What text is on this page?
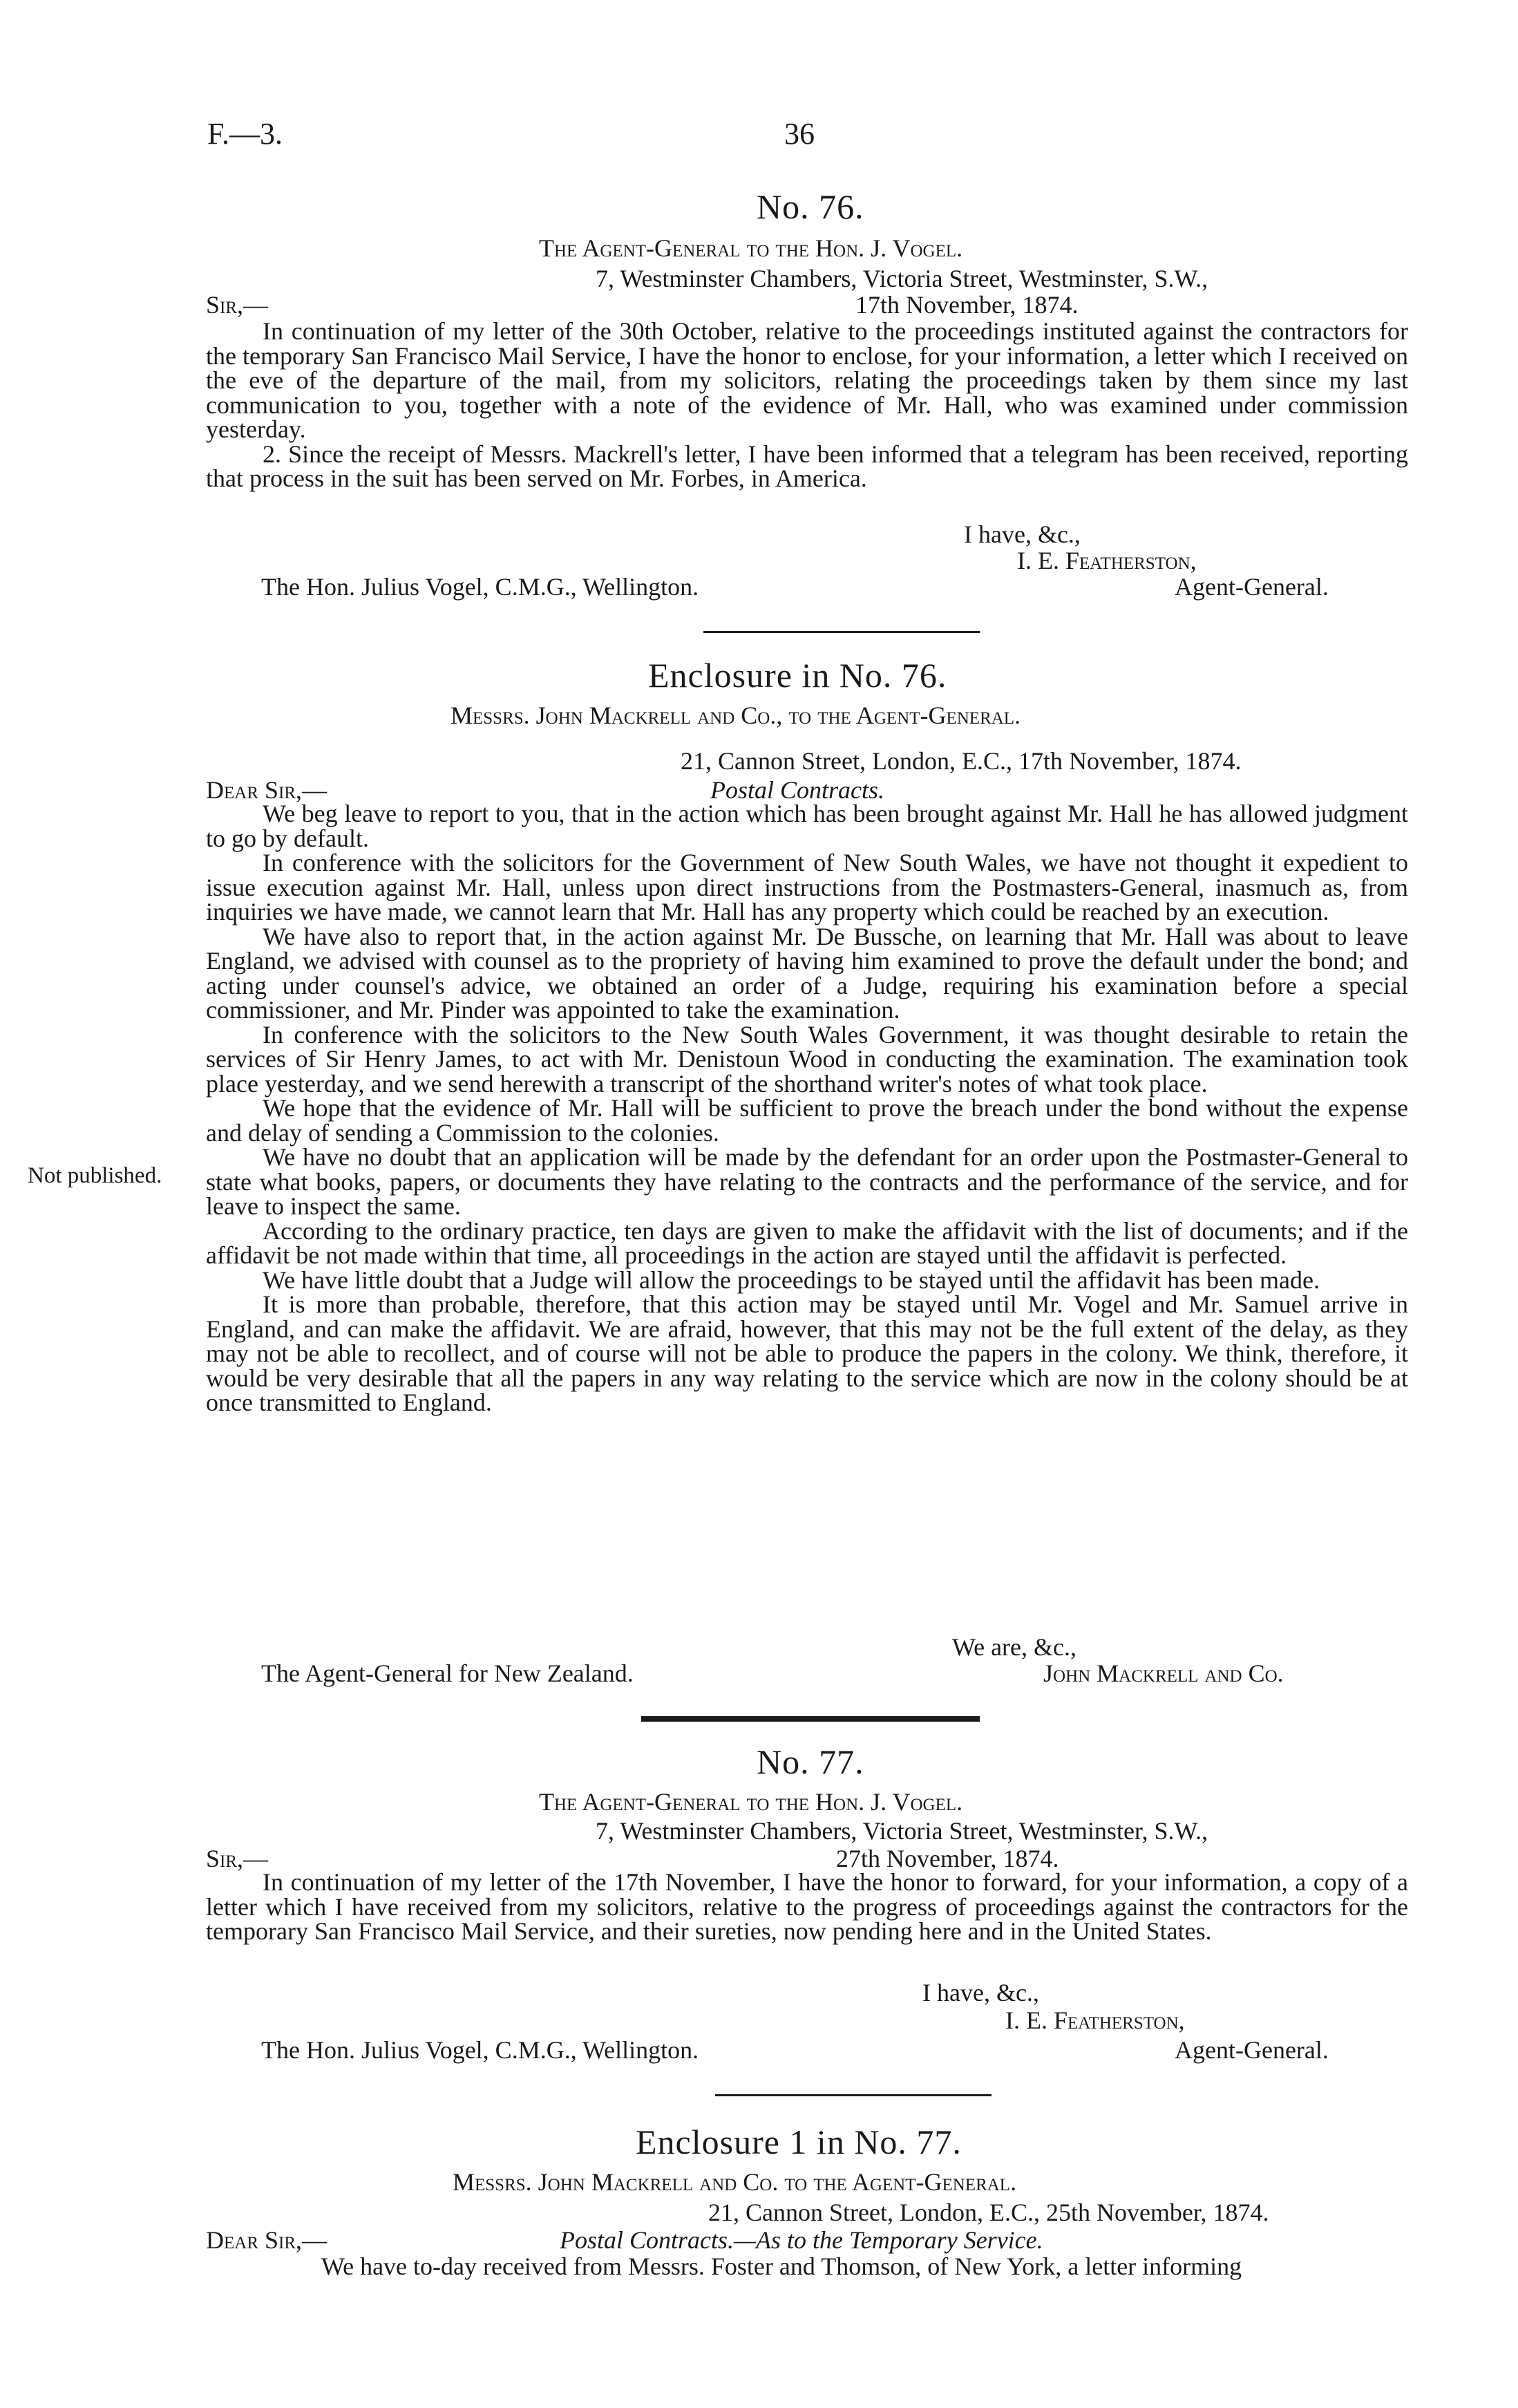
F.—3.	36
No. 76.
The Agent-General to the Hon. J. Vogel.
7, Westminster Chambers, Victoria Street, Westminster, S.W.,
Sir,—	17th November, 1874.

In continuation of my letter of the 30th October, relative to the proceedings instituted against the contractors for the temporary San Francisco Mail Service, I have the honor to enclose, for your information, a letter which I received on the eve of the departure of the mail, from my solicitors, relating the proceedings taken by them since my last communication to you, together with a note of the evidence of Mr. Hall, who was examined under commission yesterday.

2. Since the receipt of Messrs. Mackrell's letter, I have been informed that a telegram has been received, reporting that process in the suit has been served on Mr. Forbes, in America.

I have, &c.,
I. E. Featherston,
The Hon. Julius Vogel, C.M.G., Wellington.	Agent-General.
Enclosure in No. 76.
Messrs. John Mackrell and Co., to the Agent-General.
21, Cannon Street, London, E.C., 17th November, 1874.
Dear Sir,—	Postal Contracts.
Not published.

We beg leave to report to you, that in the action which has been brought against Mr. Hall he has allowed judgment to go by default.

In conference with the solicitors for the Government of New South Wales, we have not thought it expedient to issue execution against Mr. Hall, unless upon direct instructions from the Postmasters-General, inasmuch as, from inquiries we have made, we cannot learn that Mr. Hall has any property which could be reached by an execution.

We have also to report that, in the action against Mr. De Bussche, on learning that Mr. Hall was about to leave England, we advised with counsel as to the propriety of having him examined to prove the default under the bond; and acting under counsel's advice, we obtained an order of a Judge, requiring his examination before a special commissioner, and Mr. Pinder was appointed to take the examination.

In conference with the solicitors to the New South Wales Government, it was thought desirable to retain the services of Sir Henry James, to act with Mr. Denistoun Wood in conducting the examination. The examination took place yesterday, and we send herewith a transcript of the shorthand writer's notes of what took place.

We hope that the evidence of Mr. Hall will be sufficient to prove the breach under the bond without the expense and delay of sending a Commission to the colonies.

We have no doubt that an application will be made by the defendant for an order upon the Postmaster-General to state what books, papers, or documents they have relating to the contracts and the performance of the service, and for leave to inspect the same.

According to the ordinary practice, ten days are given to make the affidavit with the list of documents; and if the affidavit be not made within that time, all proceedings in the action are stayed until the affidavit is perfected.

We have little doubt that a Judge will allow the proceedings to be stayed until the affidavit has been made.

It is more than probable, therefore, that this action may be stayed until Mr. Vogel and Mr. Samuel arrive in England, and can make the affidavit. We are afraid, however, that this may not be the full extent of the delay, as they may not be able to recollect, and of course will not be able to produce the papers in the colony. We think, therefore, it would be very desirable that all the papers in any way relating to the service which are now in the colony should be at once transmitted to England.

We are, &c.,
The Agent-General for New Zealand.	John Mackrell and Co.
No. 77.
The Agent-General to the Hon. J. Vogel.
7, Westminster Chambers, Victoria Street, Westminster, S.W.,
Sir,—	27th November, 1874.

In continuation of my letter of the 17th November, I have the honor to forward, for your information, a copy of a letter which I have received from my solicitors, relative to the progress of proceedings against the contractors for the temporary San Francisco Mail Service, and their sureties, now pending here and in the United States.

I have, &c.,
I. E. Featherston,
The Hon. Julius Vogel, C.M.G., Wellington.	Agent-General.
Enclosure 1 in No. 77.
Messrs. John Mackrell and Co. to the Agent-General.
21, Cannon Street, London, E.C., 25th November, 1874.
Dear Sir,—	Postal Contracts.—As to the Temporary Service.
We have to-day received from Messrs. Foster and Thomson, of New York, a letter informing
